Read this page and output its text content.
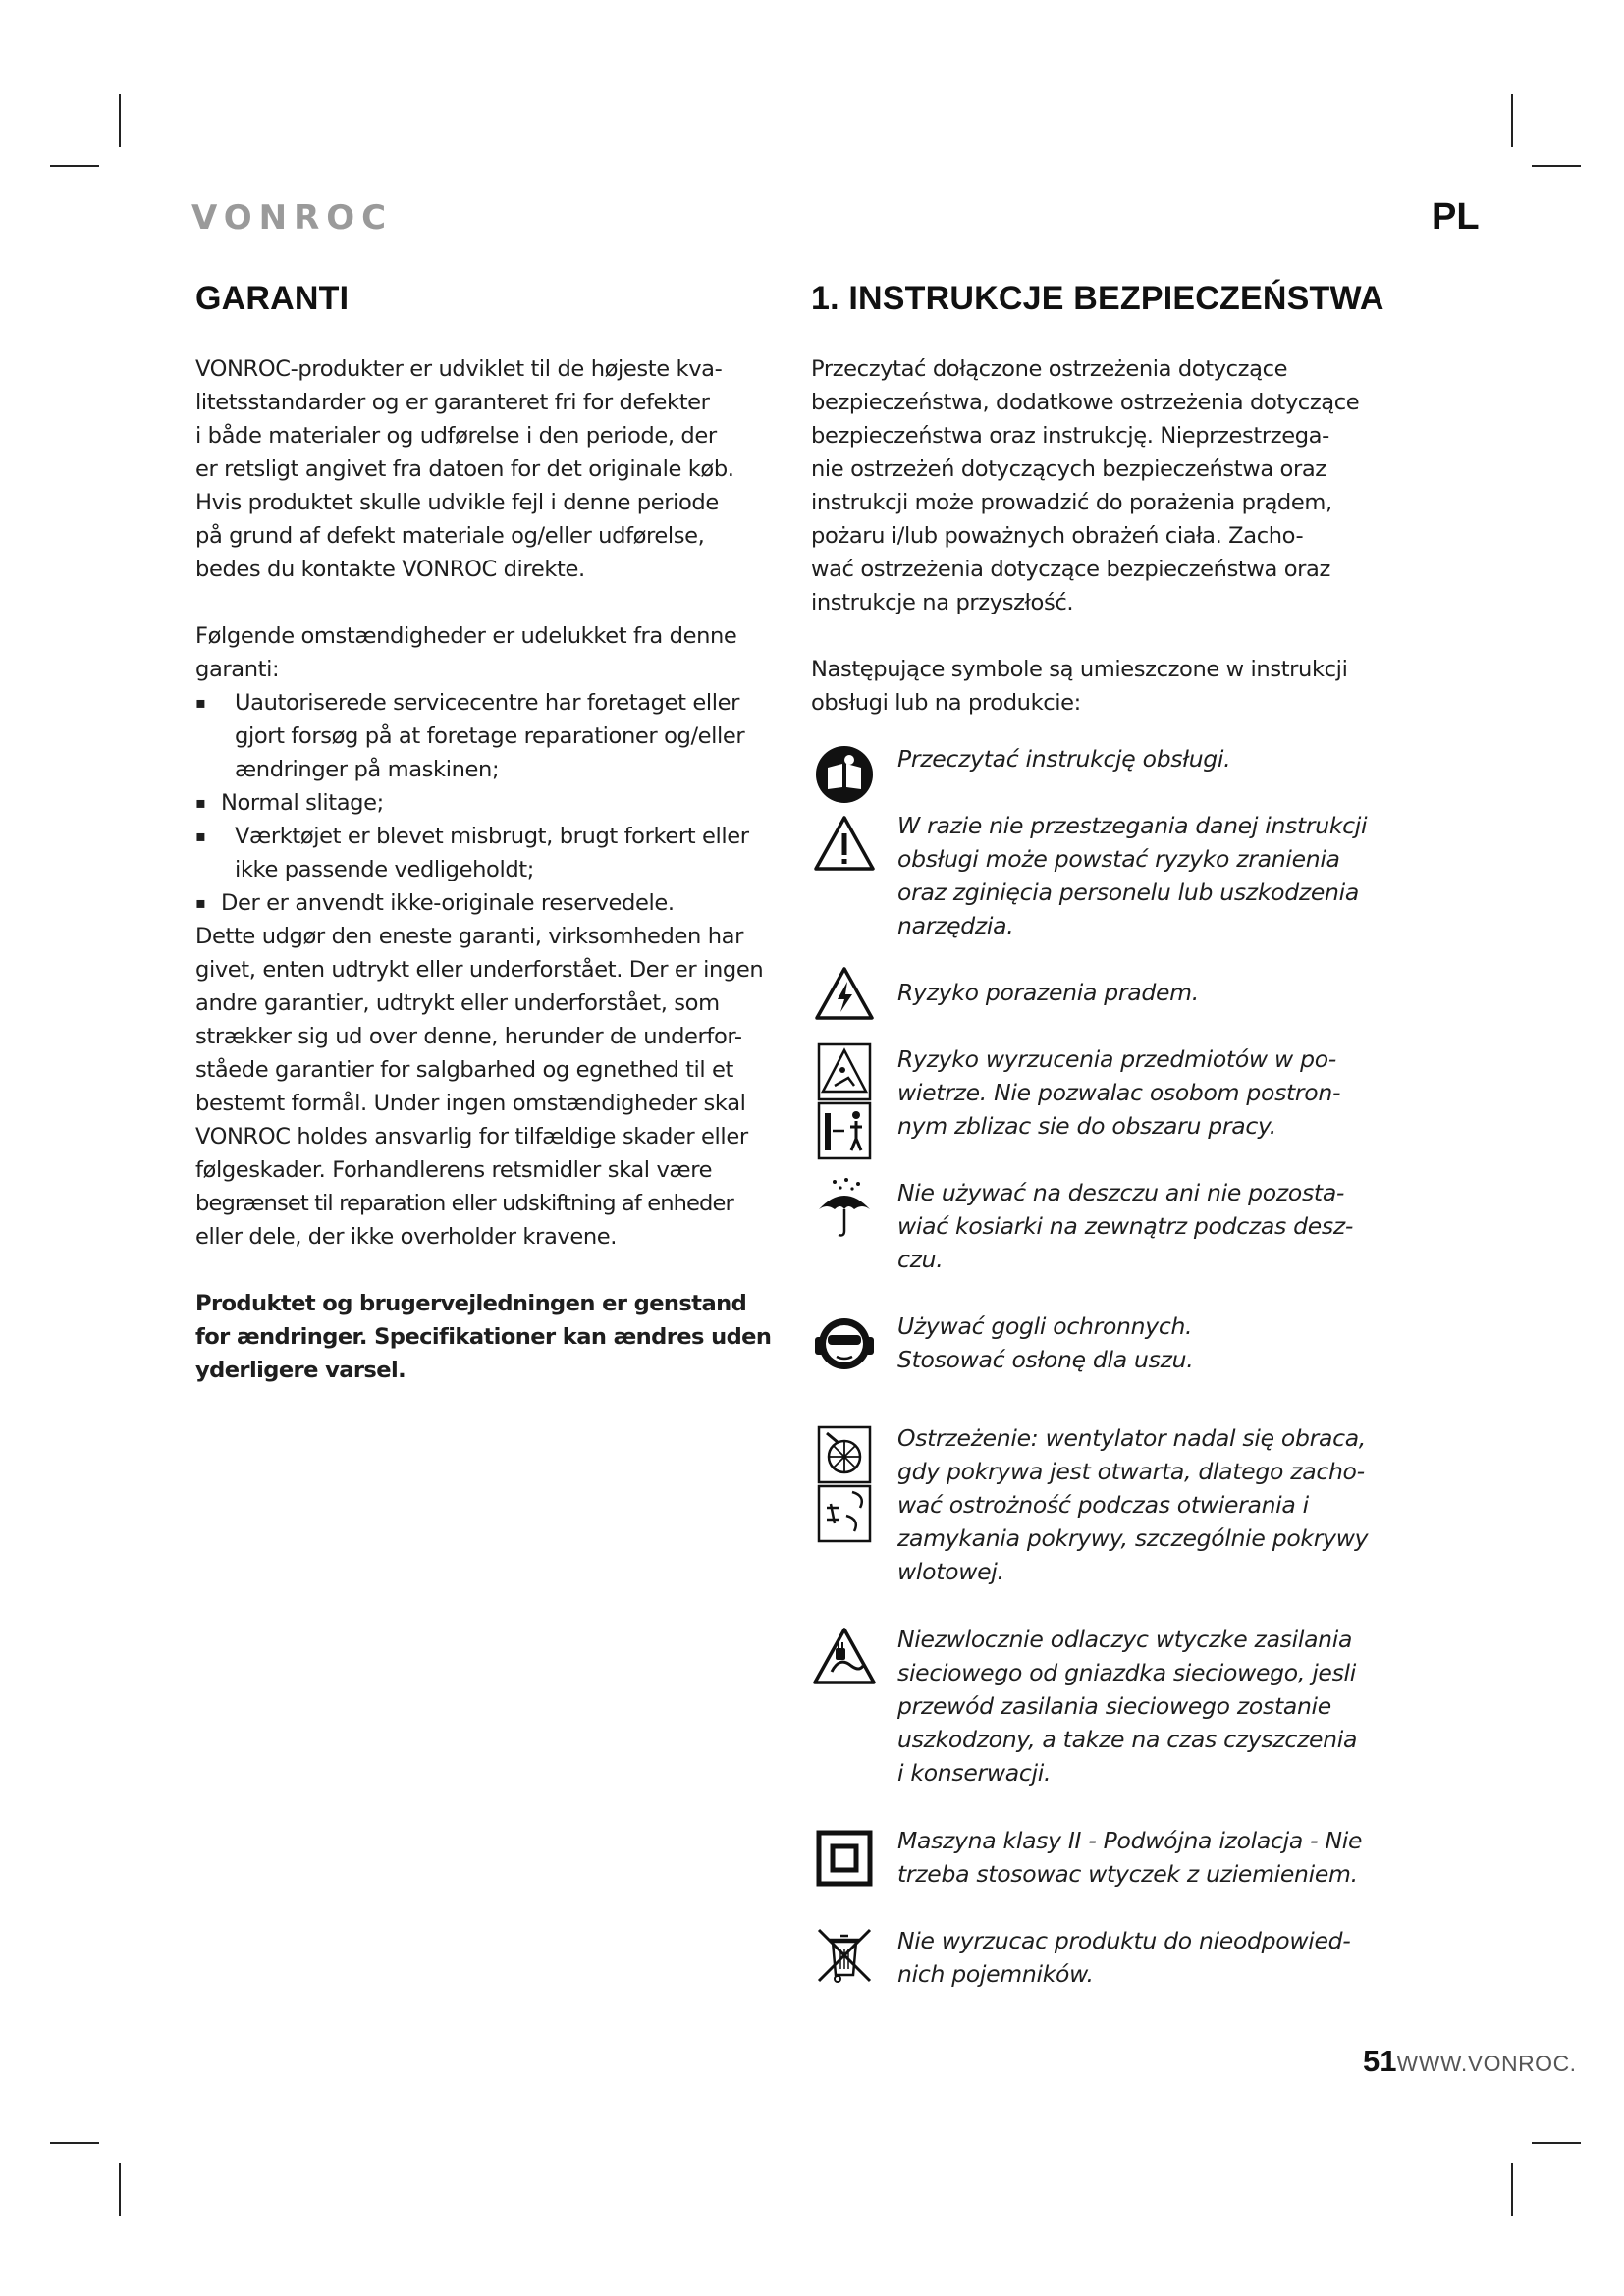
VONROC	PL
GARANTI

VONROC-produkter er udviklet til de højeste kva-
litetsstandarder og er garanteret fri for defekter
i både materialer og udførelse i den periode, der
er retsligt angivet fra datoen for det originale køb.
Hvis produktet skulle udvikle fejl i denne periode
på grund af defekt materiale og/eller udførelse,
bedes du kontakte VONROC direkte.

Følgende omstændigheder er udelukket fra denne
garanti:

▪ Uautoriserede servicecentre har foretaget eller
gjort forsøg på at foretage reparationer og/eller
ændringer på maskinen;
▪ Normal slitage;
▪ Værktøjet er blevet misbrugt, brugt forkert eller
ikke passende vedligeholdt;
▪ Der er anvendt ikke-originale reservedele.

Dette udgør den eneste garanti, virksomheden har
givet, enten udtrykt eller underforstået. Der er ingen
andre garantier, udtrykt eller underforstået, som
strækker sig ud over denne, herunder de underfor-
ståede garantier for salgbarhed og egnethed til et
bestemt formål. Under ingen omstændigheder skal
VONROC holdes ansvarlig for tilfældige skader eller
følgeskader. Forhandlerens retsmidler skal være
begrænset til reparation eller udskiftning af enheder
eller dele, der ikke overholder kravene.

Produktet og brugervejledningen er genstand
for ændringer. Specifikationer kan ændres uden
yderligere varsel.

1. INSTRUKCJE BEZPIECZEŃSTWA

Przeczytać dołączone ostrzeżenia dotyczące
bezpieczeństwa, dodatkowe ostrzeżenia dotyczące
bezpieczeństwa oraz instrukcję. Nieprzestrzega-
nie ostrzeżeń dotyczących bezpieczeństwa oraz
instrukcji może prowadzić do porażenia prądem,
pożaru i/lub poważnych obrażeń ciała. Zacho-
wać ostrzeżenia dotyczące bezpieczeństwa oraz
instrukcje na przyszłość.

Następujące symbole są umieszczone w instrukcji
obsługi lub na produkcie:

Przeczytać instrukcję obsługi.
W razie nie przestzegania danej instrukcji
obsługi może powstać ryzyko zranienia
oraz zginięcia personelu lub uszkodzenia
narzędzia.
Ryzyko porazenia pradem.
Ryzyko wyrzucenia przedmiotów w po-
wietrze. Nie pozwalac osobom postron-
nym zblizac sie do obszaru pracy.
Nie używać na deszczu ani nie pozosta-
wiać kosiarki na zewnątrz podczas desz-
czu.
Używać gogli ochronnych.
Stosować osłonę dla uszu.
Ostrzeżenie: wentylator nadal się obraca,
gdy pokrywa jest otwarta, dlatego zacho-
wać ostrożność podczas otwierania i
zamykania pokrywy, szczególnie pokrywy
wlotowej.
Niezwlocznie odlaczyc wtyczke zasilania
sieciowego od gniazdka sieciowego, jesli
przewód zasilania sieciowego zostanie
uszkodzony, a takze na czas czyszczenia
i konserwacji.
Maszyna klasy II - Podwójna izolacja - Nie
trzeba stosowac wtyczek z uziemieniem.
Nie wyrzucac produktu do nieodpowied-
nich pojemników.
51WWW.VONROC.
